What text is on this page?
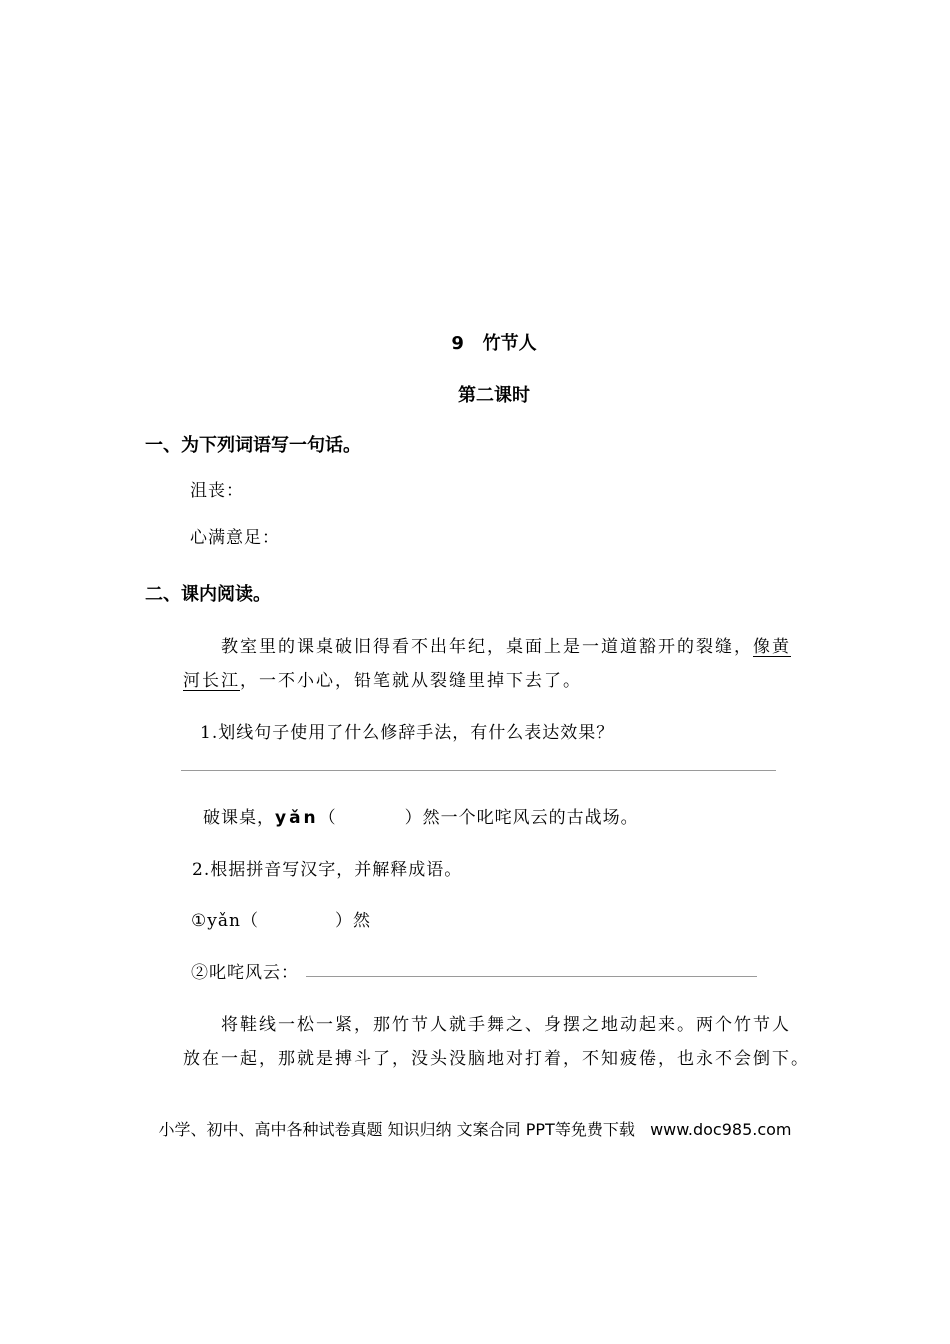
9 竹节人
第二课时
一、为下列词语写一句话。
沮丧：
心满意足：
二、课内阅读。
教室里的课桌破旧得看不出年纪，桌面上是一道道豁开的裂缝，像黄
河长江，一不小心，铅笔就从裂缝里掉下去了。
1.划线句子使用了什么修辞手法，有什么表达效果？
破课桌，yǎn（	）然一个叱咤风云的古战场。
2.根据拼音写汉字，并解释成语。
①yǎn（	）然
②叱咤风云：
将鞋线一松一紧，那竹节人就手舞之、身摆之地动起来。两个竹节人
放在一起，那就是搏斗了，没头没脑地对打着，不知疲倦，也永不会倒下。
小学、初中、高中各种试卷真题 知识归纳 文案合同 PPT等免费下载 www.doc985.com
